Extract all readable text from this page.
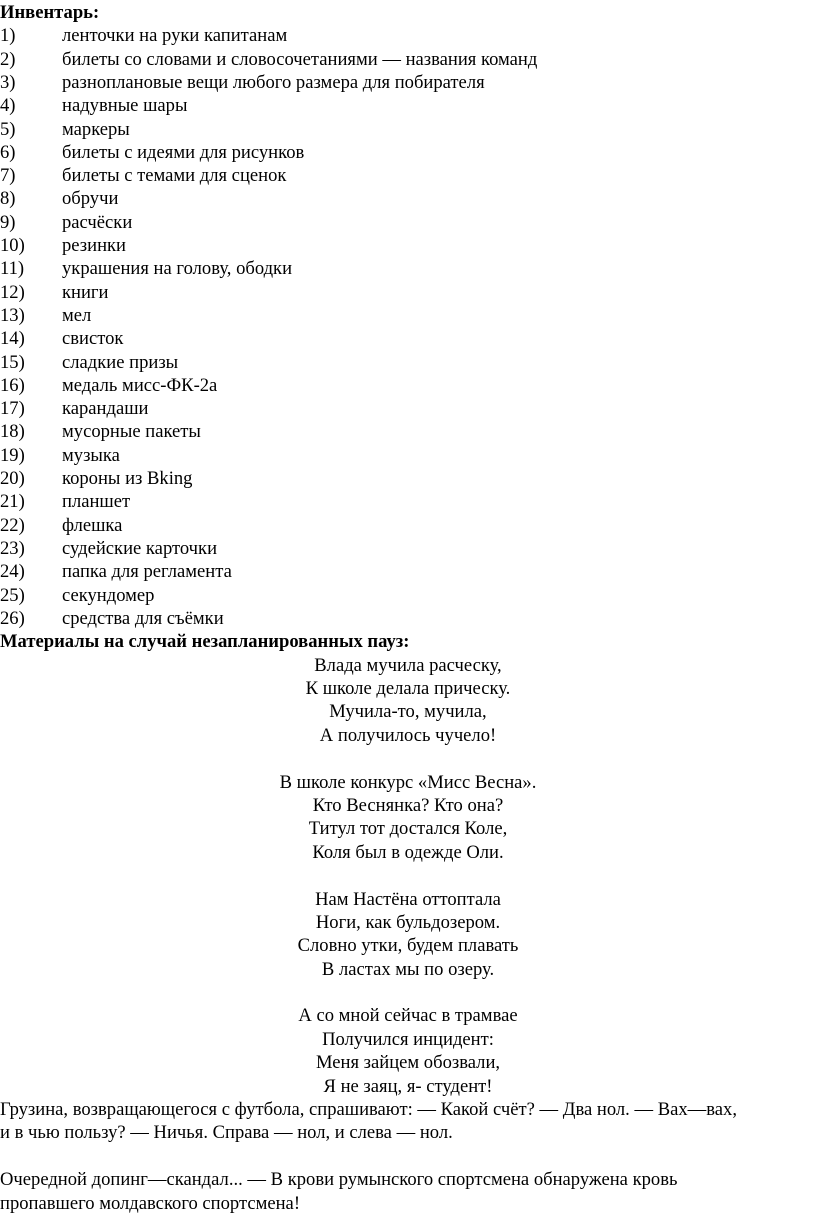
Инвентарь:
1)	ленточки на руки капитанам
2)	билеты со словами и словосочетаниями — названия команд
3)	разноплановые вещи любого размера для побирателя
4)	надувные шары
5)	маркеры
6)	билеты с идеями для рисунков
7)	билеты с темами для сценок
8)	обручи
9)	расчёски
10) резинки
11) украшения на голову, ободки
12) книги
13) мел
14) свисток
15) сладкие призы
16) медаль мисс-ФК-2а
17) карандаши
18) мусорные пакеты
19) музыка
20) короны из Bking
21) планшет
22) флешка
23) судейские карточки
24) папка для регламента
25) секундомер
26) средства для съёмки
Материалы на случай незапланированных пауз:
Влада мучила расческу,
К школе делала прическу.
Мучила-то, мучила,
А получилось чучело!
В школе конкурс «Мисс Весна».
Кто Веснянка? Кто она?
Титул тот достался Коле,
Коля был в одежде Оли.
Нам Настёна оттоптала
Ноги, как бульдозером.
Словно утки, будем плавать
В ластах мы по озеру.
А со мной сейчас в трамвае
Получился инцидент:
Меня зайцем обозвали,
Я не заяц, я- студент!
Грузина, возвращающегося с футбола, спрашивают: — Какой счёт? — Два нол. — Вах—вах,
и в чью пользу? — Ничья. Справа — нол, и слева — нол.
Очередной допинг—скандал... — В крови румынского спортсмена обнаружена кровь
пропавшего молдавского спортсмена!
